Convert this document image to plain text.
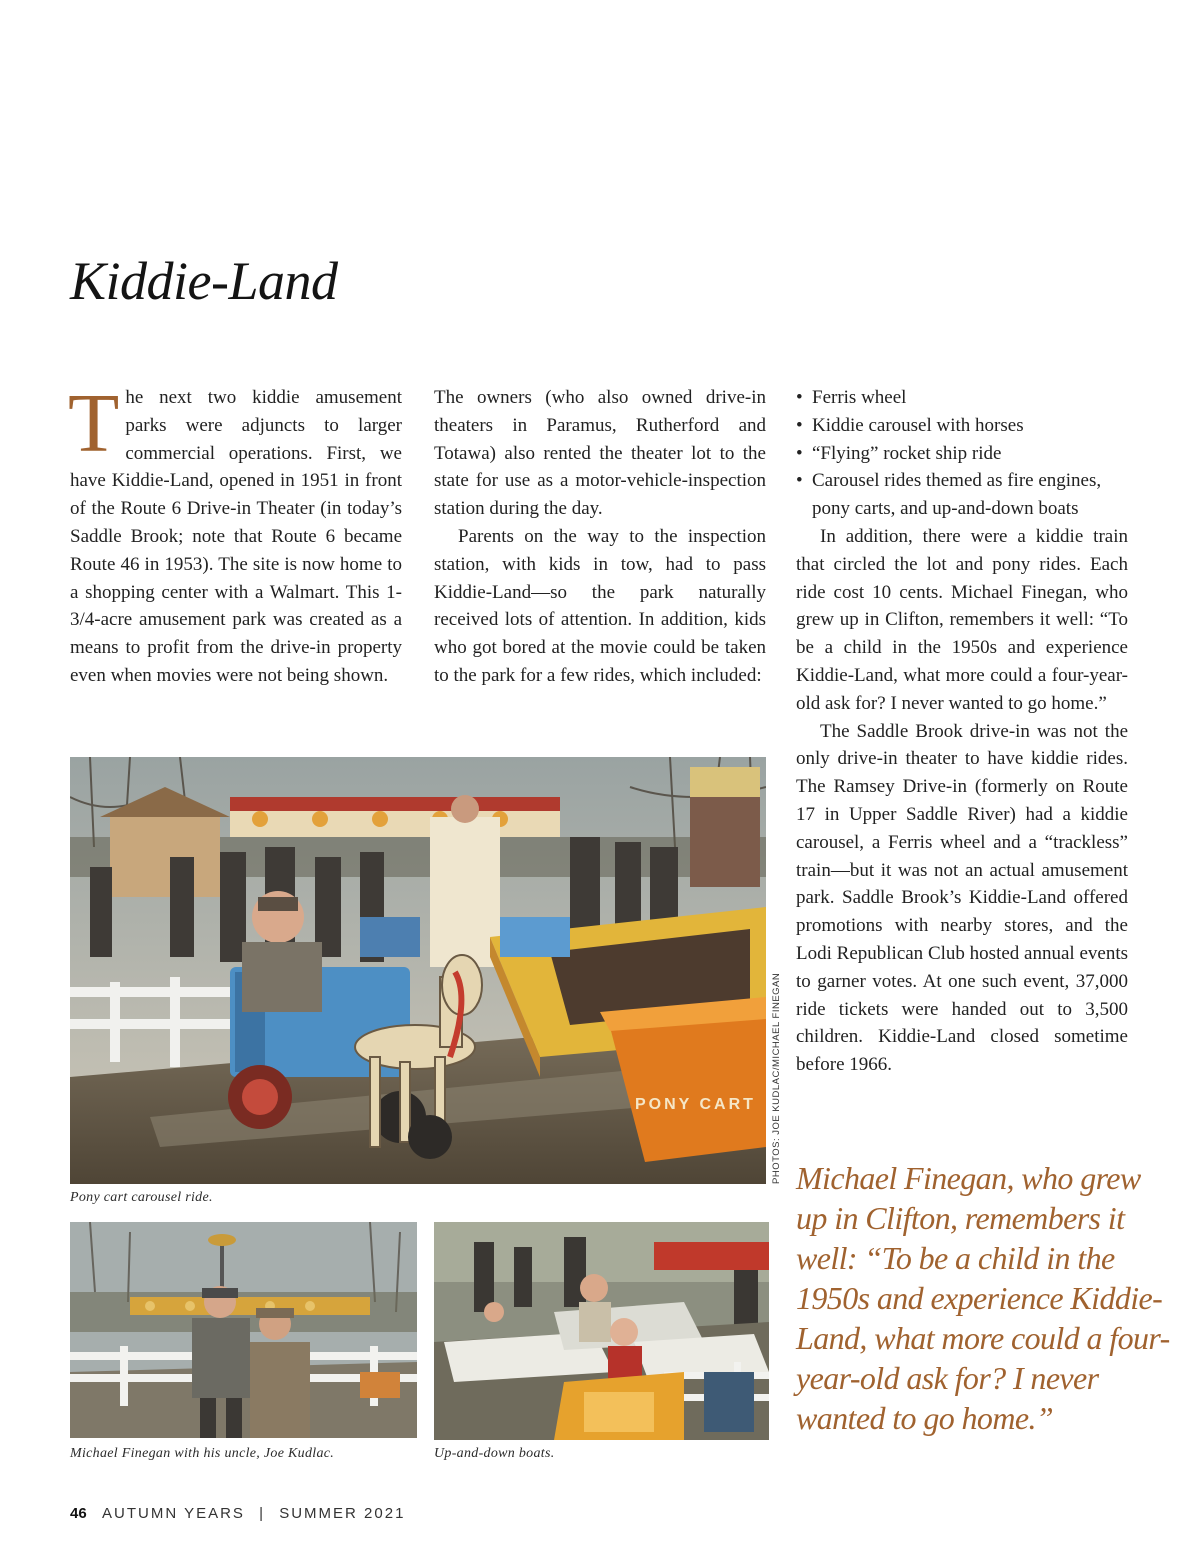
Kiddie-Land

The next two kiddie amusement parks were adjuncts to larger commercial operations. First, we have Kiddie-Land, opened in 1951 in front of the Route 6 Drive-in Theater (in today’s Saddle Brook; note that Route 6 became Route 46 in 1953). The site is now home to a shopping center with a Walmart. This 1-3/4-acre amusement park was created as a means to profit from the drive-in property even when movies were not being shown.

The owners (who also owned drive-in theaters in Paramus, Rutherford and Totawa) also rented the theater lot to the state for use as a motor-vehicle-inspection station during the day.

Parents on the way to the inspection station, with kids in tow, had to pass Kiddie-Land—so the park naturally received lots of attention. In addition, kids who got bored at the movie could be taken to the park for a few rides, which included:

• Ferris wheel
• Kiddie carousel with horses
• “Flying” rocket ship ride
• Carousel rides themed as fire engines, pony carts, and up-and-down boats

In addition, there were a kiddie train that circled the lot and pony rides. Each ride cost 10 cents. Michael Finegan, who grew up in Clifton, remembers it well: “To be a child in the 1950s and experience Kiddie-Land, what more could a four-year-old ask for? I never wanted to go home.”

The Saddle Brook drive-in was not the only drive-in theater to have kiddie rides. The Ramsey Drive-in (formerly on Route 17 in Upper Saddle River) had a kiddie carousel, a Ferris wheel and a “trackless” train—but it was not an actual amusement park. Saddle Brook’s Kiddie-Land offered promotions with nearby stores, and the Lodi Republican Club hosted annual events to garner votes. At one such event, 37,000 ride tickets were handed out to 3,500 children. Kiddie-Land closed sometime before 1966.

Michael Finegan, who grew up in Clifton, remembers it well: “To be a child in the 1950s and experience Kiddie-Land, what more could a four-year-old ask for? I never wanted to go home.”

PONY CART PHOTOS: JOE KUDLAC/MICHAEL FINEGAN
Pony cart carousel ride.
Michael Finegan with his uncle, Joe Kudlac.	Up-and-down boats.
46 AUTUMN YEARS | SUMMER 2021
